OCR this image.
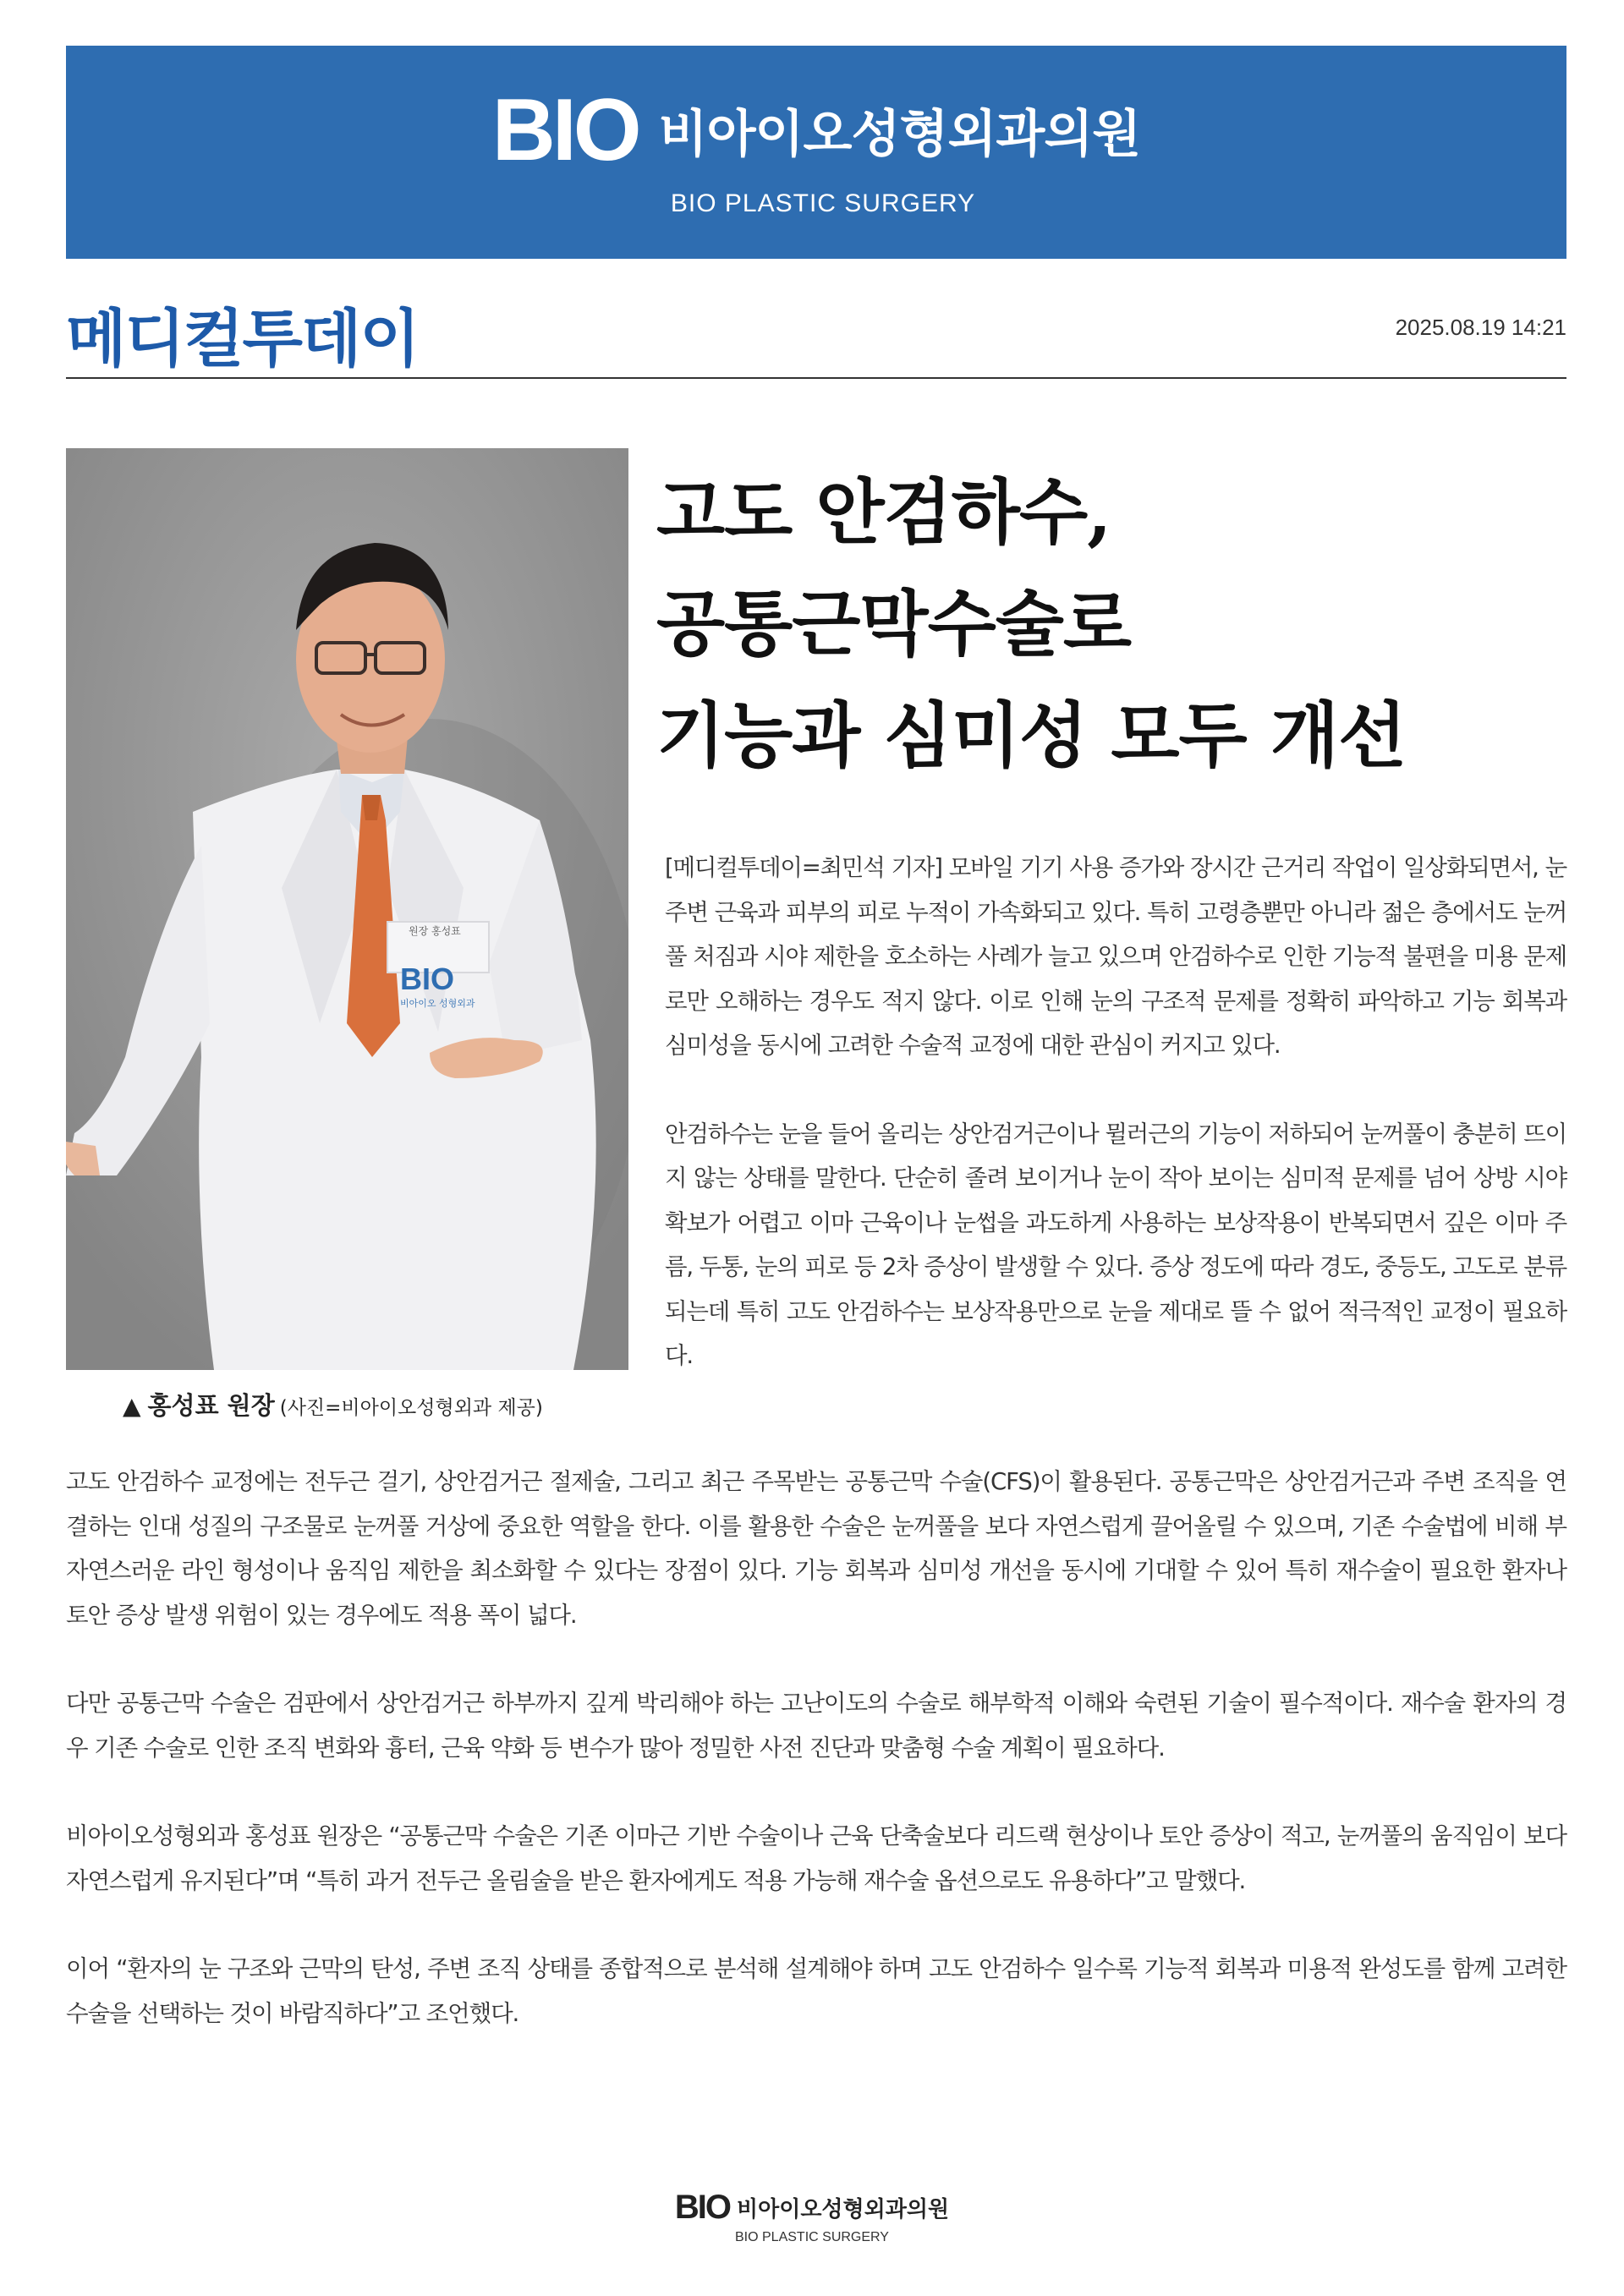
BIO 비아이오성형외과의원
BIO PLASTIC SURGERY
메디컬투데이	2025.08.19 14:21
원장 홍성표
BIO
비아이오 성형외과
▲ 홍성표 원장 (사진=비아이오성형외과 제공)
고도 안검하수,
공통근막수술로
기능과 심미성 모두 개선

[메디컬투데이=최민석 기자] 모바일 기기 사용 증가와 장시간 근거리 작업이 일상화되면서, 눈 주변 근육과 피부의 피로 누적이 가속화되고 있다. 특히 고령층뿐만 아니라 젊은 층에서도 눈꺼풀 처짐과 시야 제한을 호소하는 사례가 늘고 있으며 안검하수로 인한 기능적 불편을 미용 문제로만 오해하는 경우도 적지 않다. 이로 인해 눈의 구조적 문제를 정확히 파악하고 기능 회복과 심미성을 동시에 고려한 수술적 교정에 대한 관심이 커지고 있다.

안검하수는 눈을 들어 올리는 상안검거근이나 뮐러근의 기능이 저하되어 눈꺼풀이 충분히 뜨이지 않는 상태를 말한다. 단순히 졸려 보이거나 눈이 작아 보이는 심미적 문제를 넘어 상방 시야 확보가 어렵고 이마 근육이나 눈썹을 과도하게 사용하는 보상작용이 반복되면서 깊은 이마 주름, 두통, 눈의 피로 등 2차 증상이 발생할 수 있다. 증상 정도에 따라 경도, 중등도, 고도로 분류되는데 특히 고도 안검하수는 보상작용만으로 눈을 제대로 뜰 수 없어 적극적인 교정이 필요하다.

고도 안검하수 교정에는 전두근 걸기, 상안검거근 절제술, 그리고 최근 주목받는 공통근막 수술(CFS)이 활용된다. 공통근막은 상안검거근과 주변 조직을 연결하는 인대 성질의 구조물로 눈꺼풀 거상에 중요한 역할을 한다. 이를 활용한 수술은 눈꺼풀을 보다 자연스럽게 끌어올릴 수 있으며, 기존 수술법에 비해 부자연스러운 라인 형성이나 움직임 제한을 최소화할 수 있다는 장점이 있다. 기능 회복과 심미성 개선을 동시에 기대할 수 있어 특히 재수술이 필요한 환자나 토안 증상 발생 위험이 있는 경우에도 적용 폭이 넓다.

다만 공통근막 수술은 검판에서 상안검거근 하부까지 깊게 박리해야 하는 고난이도의 수술로 해부학적 이해와 숙련된 기술이 필수적이다. 재수술 환자의 경우 기존 수술로 인한 조직 변화와 흉터, 근육 약화 등 변수가 많아 정밀한 사전 진단과 맞춤형 수술 계획이 필요하다.

비아이오성형외과 홍성표 원장은 “공통근막 수술은 기존 이마근 기반 수술이나 근육 단축술보다 리드랙 현상이나 토안 증상이 적고, 눈꺼풀의 움직임이 보다 자연스럽게 유지된다”며 “특히 과거 전두근 올림술을 받은 환자에게도 적용 가능해 재수술 옵션으로도 유용하다”고 말했다.

이어 “환자의 눈 구조와 근막의 탄성, 주변 조직 상태를 종합적으로 분석해 설계해야 하며 고도 안검하수 일수록 기능적 회복과 미용적 완성도를 함께 고려한 수술을 선택하는 것이 바람직하다”고 조언했다.

BIO 비아이오성형외과의원
BIO PLASTIC SURGERY
